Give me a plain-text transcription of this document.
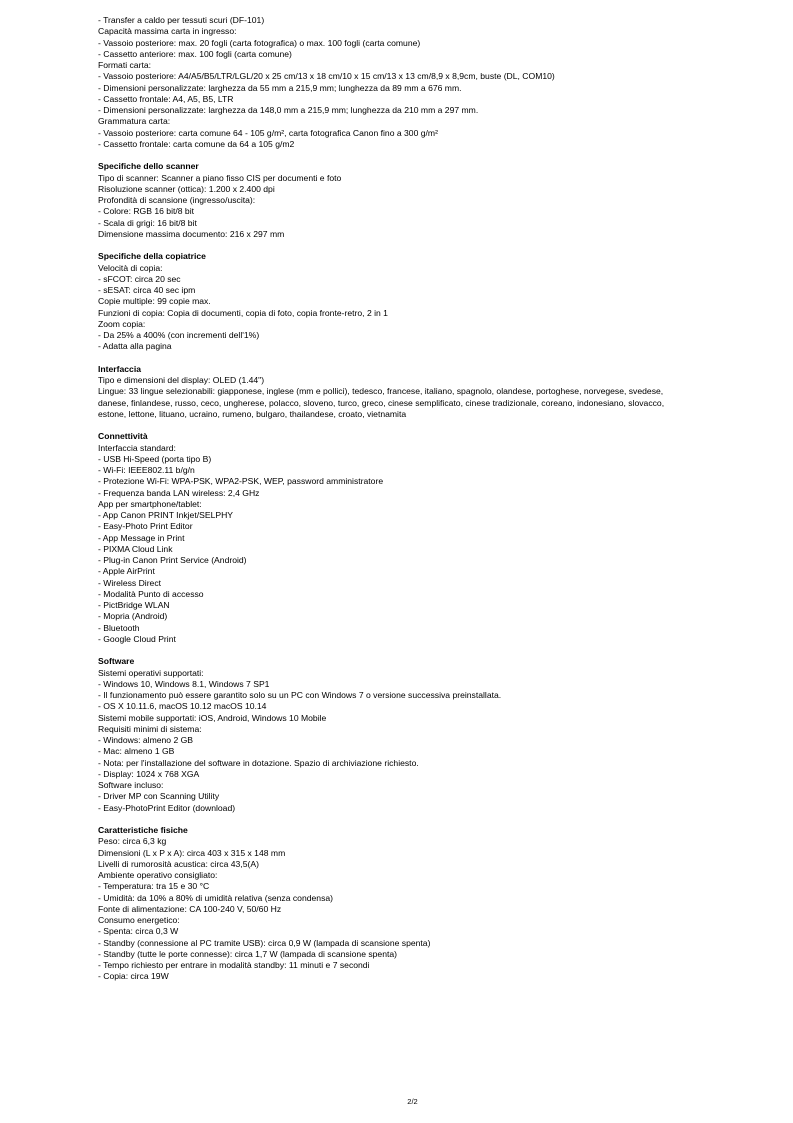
- Transfer a caldo per tessuti scuri (DF-101)
Capacità massima carta in ingresso:
- Vassoio posteriore: max. 20 fogli (carta fotografica) o max. 100 fogli (carta comune)
- Cassetto anteriore: max. 100 fogli (carta comune)
Formati carta:
- Vassoio posteriore: A4/A5/B5/LTR/LGL/20 x 25 cm/13 x 18 cm/10 x 15 cm/13 x 13 cm/8,9 x 8,9cm, buste (DL, COM10)
- Dimensioni personalizzate: larghezza da 55 mm a 215,9 mm; lunghezza da 89 mm a 676 mm.
- Cassetto frontale: A4, A5, B5, LTR
- Dimensioni personalizzate: larghezza da 148,0 mm a 215,9 mm; lunghezza da 210 mm a 297 mm.
Grammatura carta:
- Vassoio posteriore: carta comune 64 - 105 g/m², carta fotografica Canon fino a 300 g/m²
- Cassetto frontale: carta comune da 64 a 105 g/m2
Specifiche dello scanner
Tipo di scanner: Scanner a piano fisso CIS per documenti e foto
Risoluzione scanner (ottica): 1.200 x 2.400 dpi
Profondità di scansione (ingresso/uscita):
- Colore: RGB 16 bit/8 bit
- Scala di grigi: 16 bit/8 bit
Dimensione massima documento: 216 x 297 mm
Specifiche della copiatrice
Velocità di copia:
- sFCOT: circa 20 sec
- sESAT: circa 40 sec ipm
Copie multiple: 99 copie max.
Funzioni di copia: Copia di documenti, copia di foto, copia fronte-retro, 2 in 1
Zoom copia:
- Da 25% a 400% (con incrementi dell'1%)
- Adatta alla pagina
Interfaccia
Tipo e dimensioni del display: OLED (1.44")
Lingue: 33 lingue selezionabili: giapponese, inglese (mm e pollici), tedesco, francese, italiano, spagnolo, olandese, portoghese, norvegese, svedese,
danese, finlandese, russo, ceco, ungherese, polacco, sloveno, turco, greco, cinese semplificato, cinese tradizionale, coreano, indonesiano, slovacco,
estone, lettone, lituano, ucraino, rumeno, bulgaro, thailandese, croato, vietnamita
Connettività
Interfaccia standard:
- USB Hi-Speed (porta tipo B)
- Wi-Fi: IEEE802.11 b/g/n
- Protezione Wi-Fi: WPA-PSK, WPA2-PSK, WEP, password amministratore
- Frequenza banda LAN wireless: 2,4 GHz
App per smartphone/tablet:
- App Canon PRINT Inkjet/SELPHY
- Easy-Photo Print Editor
- App Message in Print
- PIXMA Cloud Link
- Plug-in Canon Print Service (Android)
- Apple AirPrint
- Wireless Direct
- Modalità Punto di accesso
- PictBridge WLAN
- Mopria (Android)
- Bluetooth
- Google Cloud Print
Software
Sistemi operativi supportati:
- Windows 10, Windows 8.1, Windows 7 SP1
- Il funzionamento può essere garantito solo su un PC con Windows 7 o versione successiva preinstallata.
- OS X 10.11.6, macOS 10.12 macOS 10.14
Sistemi mobile supportati: iOS, Android, Windows 10 Mobile
Requisiti minimi di sistema:
- Windows: almeno 2 GB
- Mac: almeno 1 GB
- Nota: per l'installazione del software in dotazione. Spazio di archiviazione richiesto.
- Display: 1024 x 768 XGA
Software incluso:
- Driver MP con Scanning Utility
- Easy-PhotoPrint Editor (download)
Caratteristiche fisiche
Peso: circa 6,3 kg
Dimensioni (L x P x A): circa 403 x 315 x 148 mm
Livelli di rumorosità acustica: circa 43,5(A)
Ambiente operativo consigliato:
- Temperatura: tra 15 e 30 °C
- Umidità: da 10% a 80% di umidità relativa (senza condensa)
Fonte di alimentazione: CA 100-240 V, 50/60 Hz
Consumo energetico:
- Spenta: circa 0,3 W
- Standby (connessione al PC tramite USB): circa 0,9 W (lampada di scansione spenta)
- Standby (tutte le porte connesse): circa 1,7 W (lampada di scansione spenta)
- Tempo richiesto per entrare in modalità standby: 11 minuti e 7 secondi
- Copia: circa 19W
2/2
